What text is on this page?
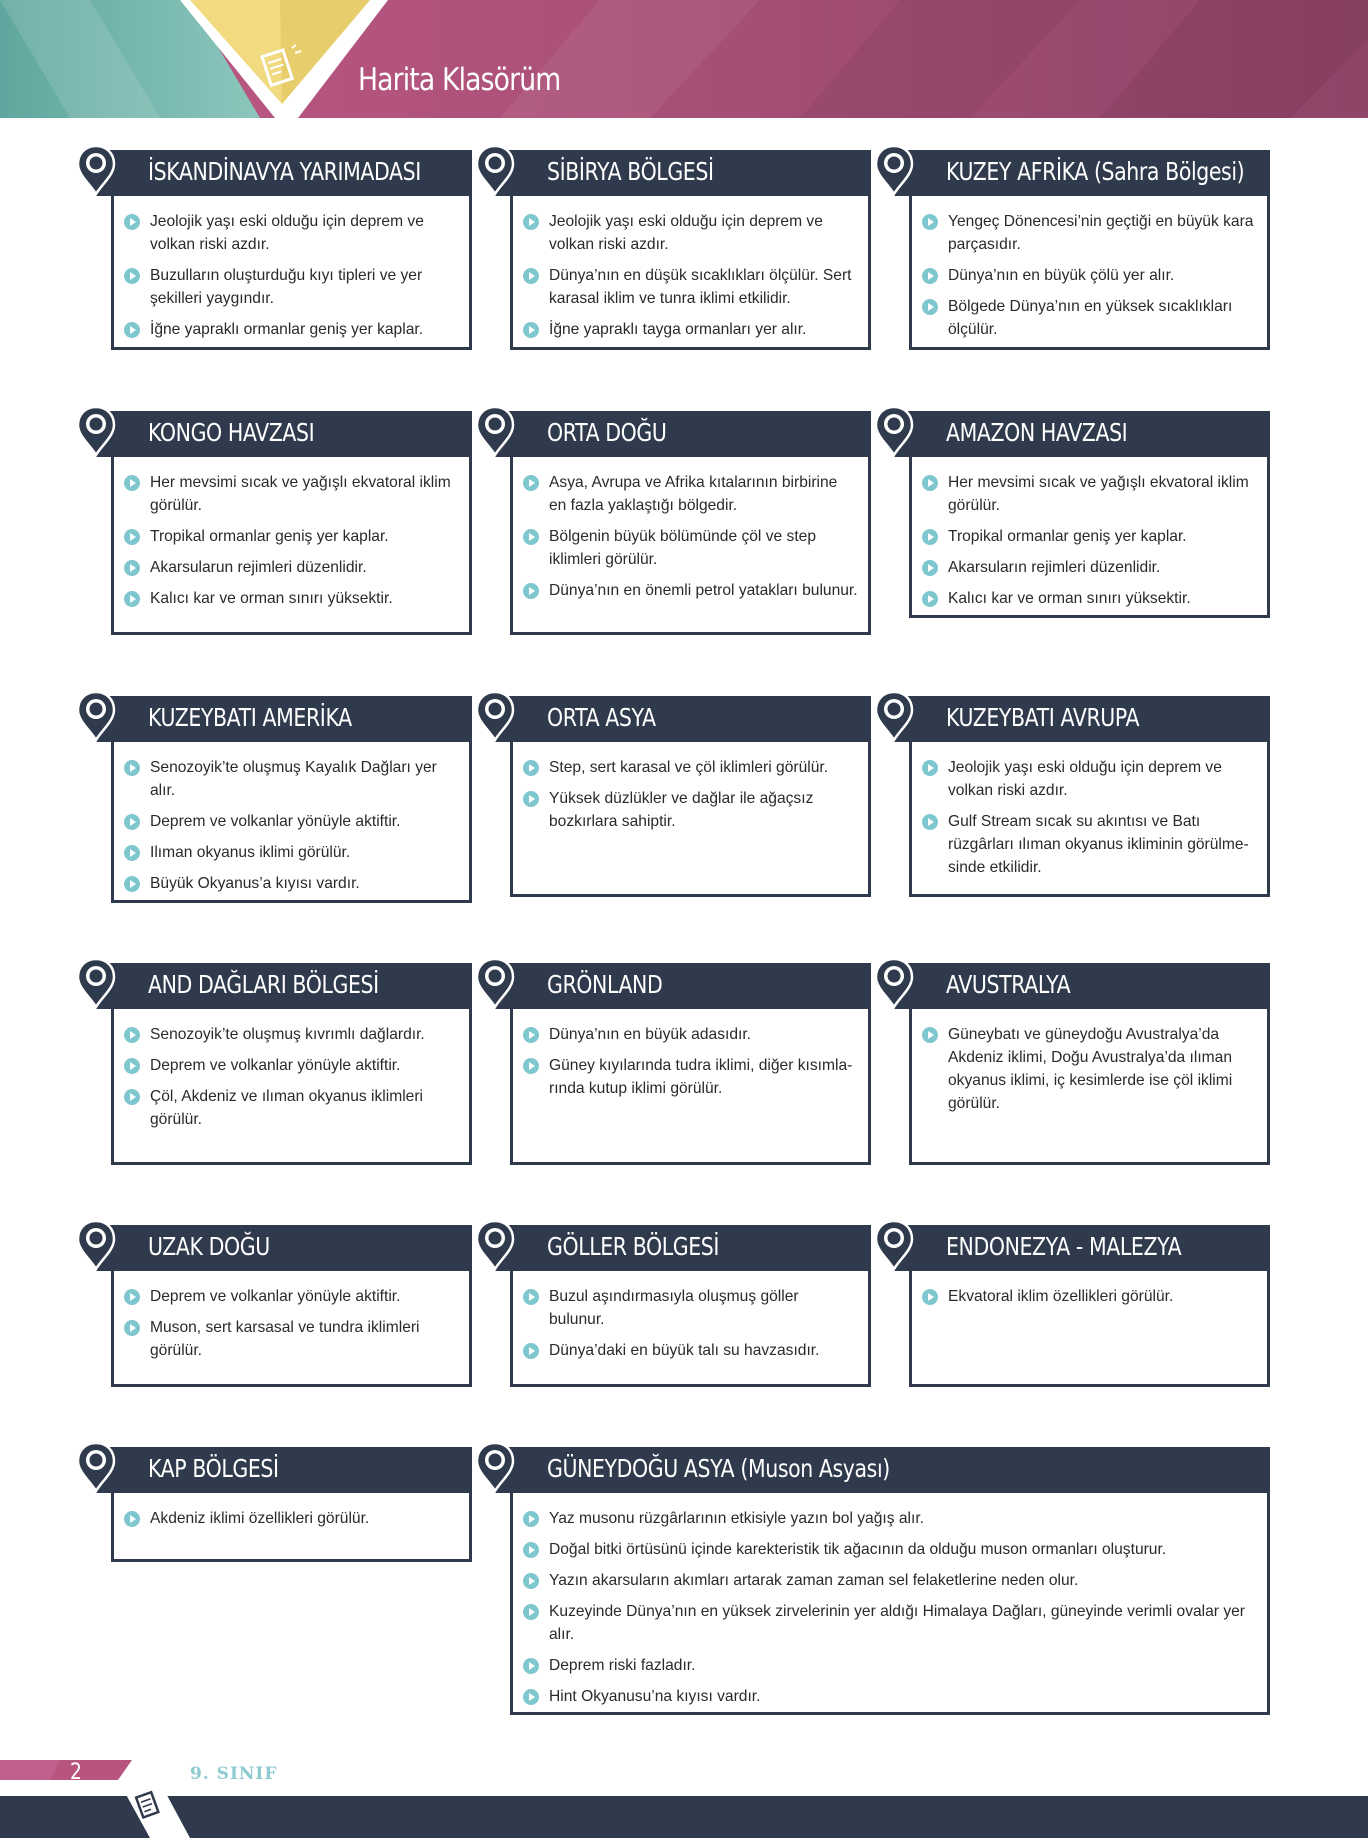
Harita Klasörüm
Jeolojik yaşı eski olduğu için deprem ve volkan riski azdır.
Buzulların oluşturduğu kıyı tipleri ve yer şekilleri yaygındır.
İğne yapraklı ormanlar geniş yer kaplar.
İSKANDİNAVYA YARIMADASI
Jeolojik yaşı eski olduğu için deprem ve volkan riski azdır.
Dünya’nın en düşük sıcaklıkları ölçülür. Sert karasal iklim ve tunra iklimi etkilidir.
İğne yapraklı tayga ormanları yer alır.
SİBİRYA BÖLGESİ
Yengeç Dönencesi’nin geçtiği en büyük kara parçasıdır.
Dünya’nın en büyük çölü yer alır.
Bölgede Dünya’nın en yüksek sıcaklıkları ölçülür.
KUZEY AFRİKA (Sahra Bölgesi)
Her mevsimi sıcak ve yağışlı ekvatoral iklim görülür.
Tropikal ormanlar geniş yer kaplar.
Akarsularun rejimleri düzenlidir.
Kalıcı kar ve orman sınırı yüksektir.
KONGO HAVZASI
Asya, Avrupa ve Afrika kıtalarının birbirine en fazla yaklaştığı bölgedir.
Bölgenin büyük bölümünde çöl ve step iklimleri görülür.
Dünya’nın en önemli petrol yatakları bulunur.
ORTA DOĞU
Her mevsimi sıcak ve yağışlı ekvatoral iklim görülür.
Tropikal ormanlar geniş yer kaplar.
Akarsuların rejimleri düzenlidir.
Kalıcı kar ve orman sınırı yüksektir.
AMAZON HAVZASI
Senozoyik’te oluşmuş Kayalık Dağları yer alır.
Deprem ve volkanlar yönüyle aktiftir.
Ilıman okyanus iklimi görülür.
Büyük Okyanus’a kıyısı vardır.
KUZEYBATI AMERİKA
Step, sert karasal ve çöl iklimleri görülür.
Yüksek düzlükler ve dağlar ile ağaçsız bozkırlara sahiptir.
ORTA ASYA
Jeolojik yaşı eski olduğu için deprem ve volkan riski azdır.
Gulf Stream sıcak su akıntısı ve Batı rüzgârları ılıman okyanus ikliminin görülme-sinde etkilidir.
KUZEYBATI AVRUPA
Senozoyik’te oluşmuş kıvrımlı dağlardır.
Deprem ve volkanlar yönüyle aktiftir.
Çöl, Akdeniz ve ılıman okyanus iklimleri görülür.
AND DAĞLARI BÖLGESİ
Dünya’nın en büyük adasıdır.
Güney kıyılarında tudra iklimi, diğer kısımla-rında kutup iklimi görülür.
GRÖNLAND
Güneybatı ve güneydoğu Avustralya’da Akdeniz iklimi, Doğu Avustralya’da ılıman okyanus iklimi, iç kesimlerde ise çöl iklimi görülür.
AVUSTRALYA
Deprem ve volkanlar yönüyle aktiftir.
Muson, sert karsasal ve tundra iklimleri görülür.
UZAK DOĞU
Buzul aşındırmasıyla oluşmuş göller bulunur.
Dünya’daki en büyük talı su havzasıdır.
GÖLLER BÖLGESİ
Ekvatoral iklim özellikleri görülür.
ENDONEZYA - MALEZYA
Akdeniz iklimi özellikleri görülür.
KAP BÖLGESİ
Yaz musonu rüzgârlarının etkisiyle yazın bol yağış alır.
Doğal bitki örtüsünü içinde karekteristik tik ağacının da olduğu muson ormanları oluşturur.
Yazın akarsuların akımları artarak zaman zaman sel felaketlerine neden olur.
Kuzeyinde Dünya’nın en yüksek zirvelerinin yer aldığı Himalaya Dağları, güneyinde verimli ovalar yer alır.
Deprem riski fazladır.
Hint Okyanusu’na kıyısı vardır.
GÜNEYDOĞU ASYA (Muson Asyası)
2	9. SINIF
